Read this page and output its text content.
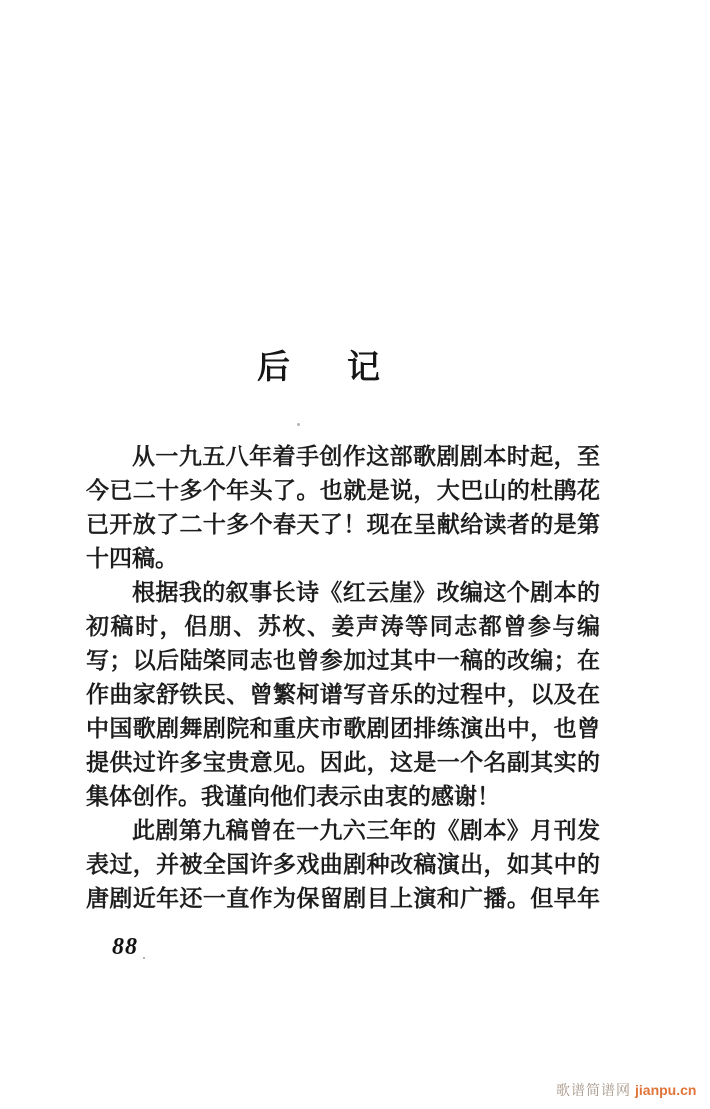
后　记

从一九五八年着手创作这部歌剧剧本时起，至

今已二十多个年头了。也就是说，大巴山的杜鹃花

已开放了二十多个春天了！现在呈献给读者的是第

十四稿。

根据我的叙事长诗《红云崖》改编这个剧本的

初稿时，侣朋、苏枚、姜声涛等同志都曾参与编

写；以后陆棨同志也曾参加过其中一稿的改编；在

作曲家舒铁民、曾繁柯谱写音乐的过程中，以及在

中国歌剧舞剧院和重庆市歌剧团排练演出中，也曾

提供过许多宝贵意见。因此，这是一个名副其实的

集体创作。我谨向他们表示由衷的感谢！

此剧第九稿曾在一九六三年的《剧本》月刊发

表过，并被全国许多戏曲剧种改稿演出，如其中的

唐剧近年还一直作为保留剧目上演和广播。但早年

88
歌谱简谱网 jianpu.cn
